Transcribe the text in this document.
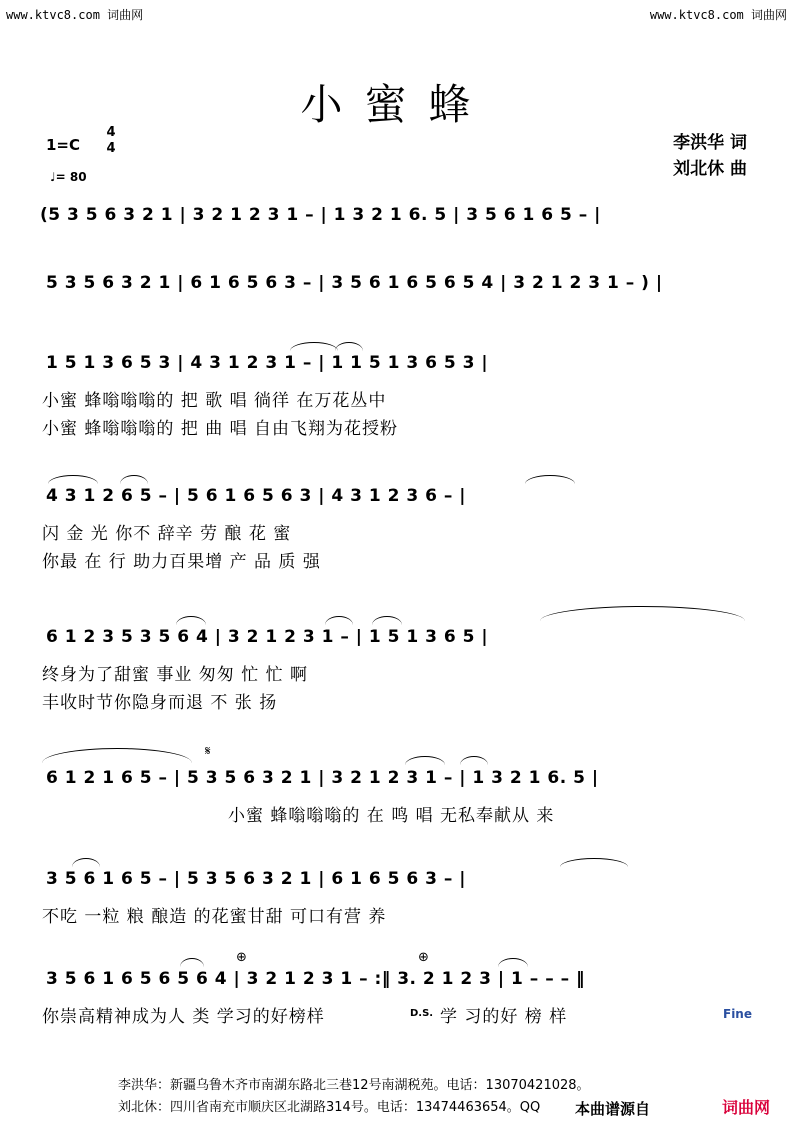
www.ktvc8.com 词曲网	www.ktvc8.com 词曲网
小蜜蜂
1=C
4
4
♩= 80
李洪华 词
刘北休 曲
(5 3 5 6 3 2 1 | 3 2 1 2 3 1 – | 1 3 2 1 6. 5 | 3 5 6 1 6 5 – |
5 3 5 6 3 2 1 | 6 1 6 5 6 3 – | 3 5 6 1 6 5 6 5 4 | 3 2 1 2 3 1 – ) |
1 5 1 3 6 5 3 | 4 3 1 2 3 1 – | 1 1 5 1 3 6 5 3 |
小蜜 蜂嗡嗡嗡的 把 歌 唱 徜徉 在万花丛中
小蜜 蜂嗡嗡嗡的 把 曲 唱 自由飞翔为花授粉
4 3 1 2 6 5 – | 5 6 1 6 5 6 3 | 4 3 1 2 3 6 – |
闪 金 光 你不 辞辛 劳 酿 花 蜜
你最 在 行 助力百果增 产 品 质 强
6 1 2 3 5 3 5 6 4 | 3 2 1 2 3 1 – | 1 5 1 3 6 5 |
终身为了甜蜜 事业 匆匆 忙 忙 啊
丰收时节你隐身而退 不 张 扬
𝄋
6 1 2 1 6 5 – | 5 3 5 6 3 2 1 | 3 2 1 2 3 1 – | 1 3 2 1 6. 5 |
小蜜 蜂嗡嗡嗡的 在 鸣 唱 无私奉献从 来
3 5 6 1 6 5 – | 5 3 5 6 3 2 1 | 6 1 6 5 6 3 – |
不吃 一粒 粮 酿造 的花蜜甘甜 可口有营 养
⊕	⊕
3 5 6 1 6 5 6 5 6 4 | 3 2 1 2 3 1 – :‖ 3. 2 1 2 3 | 1 – – – ‖
你崇高精神成为人 类 学习的好榜样	D.S. 学 习的好 榜 样	Fine
李洪华：新疆乌鲁木齐市南湖东路北三巷12号南湖税苑。电话：13070421028。
刘北休：四川省南充市顺庆区北湖路314号。电话：13474463654。QQ 本曲谱源自	词曲网
